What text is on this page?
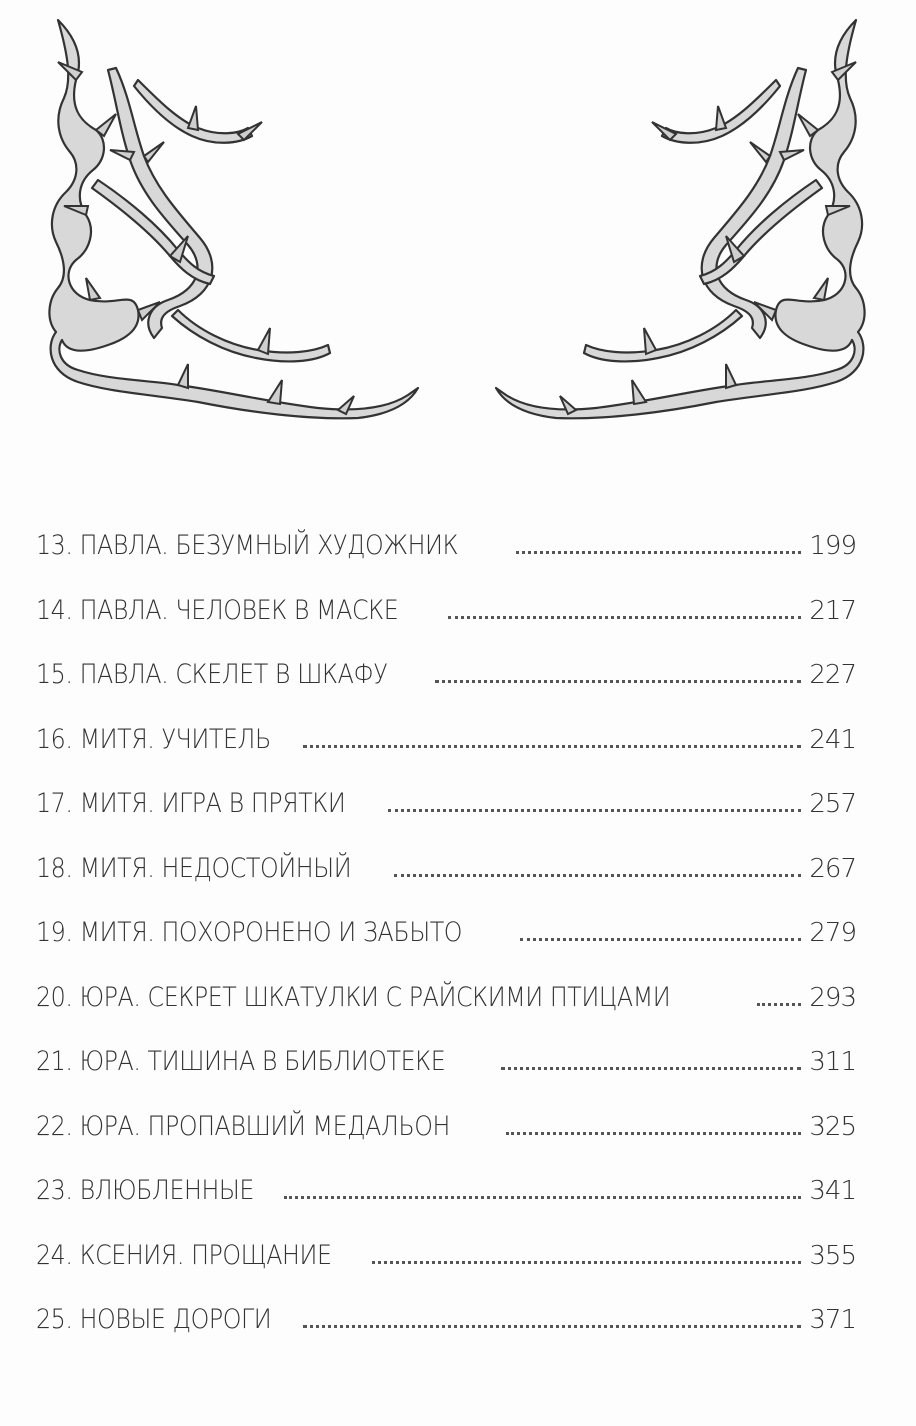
13. ПАВЛА. БЕЗУМНЫЙ ХУДОЖНИК	199
14. ПАВЛА. ЧЕЛОВЕК В МАСКЕ	217
15. ПАВЛА. СКЕЛЕТ В ШКАФУ	227
16. МИТЯ. УЧИТЕЛЬ	241
17. МИТЯ. ИГРА В ПРЯТКИ	257
18. МИТЯ. НЕДОСТОЙНЫЙ	267
19. МИТЯ. ПОХОРОНЕНО И ЗАБЫТО	279
20. ЮРА. СЕКРЕТ ШКАТУЛКИ С РАЙСКИМИ ПТИЦАМИ	293
21. ЮРА. ТИШИНА В БИБЛИОТЕКЕ	311
22. ЮРА. ПРОПАВШИЙ МЕДАЛЬОН	325
23. ВЛЮБЛЕННЫЕ	341
24. КСЕНИЯ. ПРОЩАНИЕ	355
25. НОВЫЕ ДОРОГИ	371
